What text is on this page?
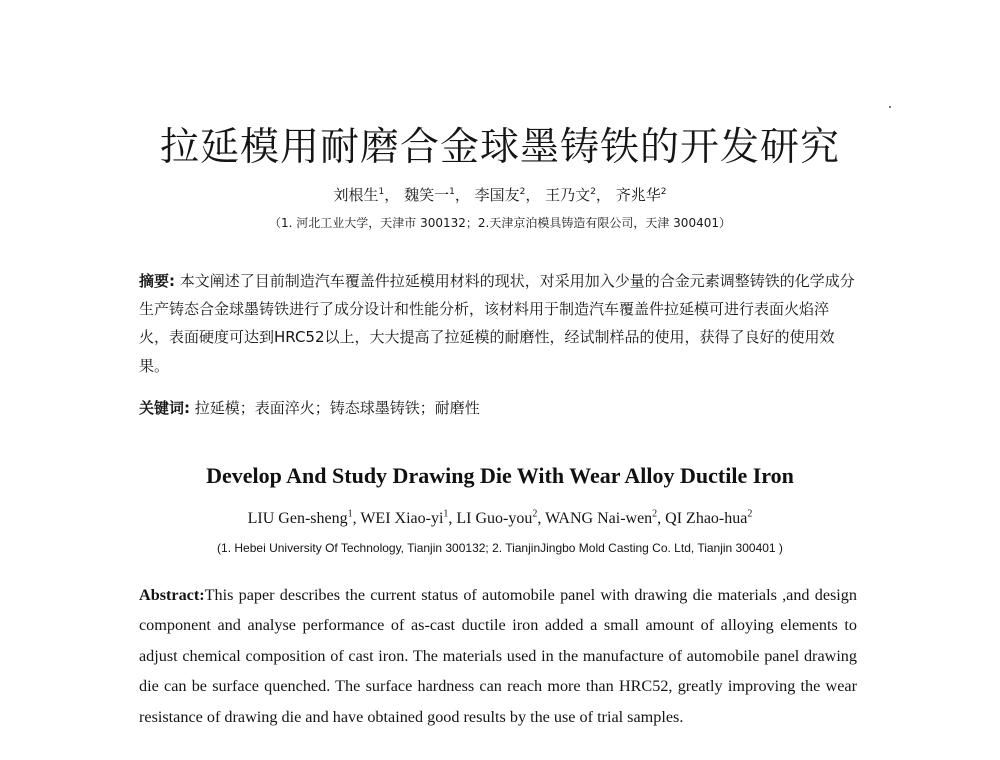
拉延模用耐磨合金球墨铸铁的开发研究
刘根生$^1$， 魏笑一$^1$， 李国友$^2$， 王乃文$^2$， 齐兆华$^2$
（1. 河北工业大学，天津市 300132；2.天津京泊模具铸造有限公司，天津 300401）
摘要: 本文阐述了目前制造汽车覆盖件拉延模用材料的现状，对采用加入少量的合金元素调整铸铁的化学成分生产铸态合金球墨铸铁进行了成分设计和性能分析，该材料用于制造汽车覆盖件拉延模可进行表面火焰淬火，表面硬度可达到HRC52以上，大大提高了拉延模的耐磨性，经试制样品的使用，获得了良好的使用效果。
关键词: 拉延模；表面淬火；铸态球墨铸铁；耐磨性
Develop And Study Drawing Die With Wear Alloy Ductile Iron
LIU Gen-sheng$^1$, WEI Xiao-$yi^1$, LI Guo-you$^2$, WANG Nai-wen$^2$, QI Zhao-hua$^2$
(1. Hebei University Of Technology, Tianjin 300132; 2. TianjinJingbo Mold Casting Co. Ltd, Tianjin 300401 )
Abstract:This paper describes the current status of automobile panel with drawing die materials ,and design component and analyse performance of as-cast ductile iron added a small amount of alloying elements to adjust chemical composition of cast iron. The materials used in the manufacture of automobile panel drawing die can be surface quenched. The surface hardness can reach more than HRC52, greatly improving the wear resistance of drawing die and have obtained good results by the use of trial samples.
